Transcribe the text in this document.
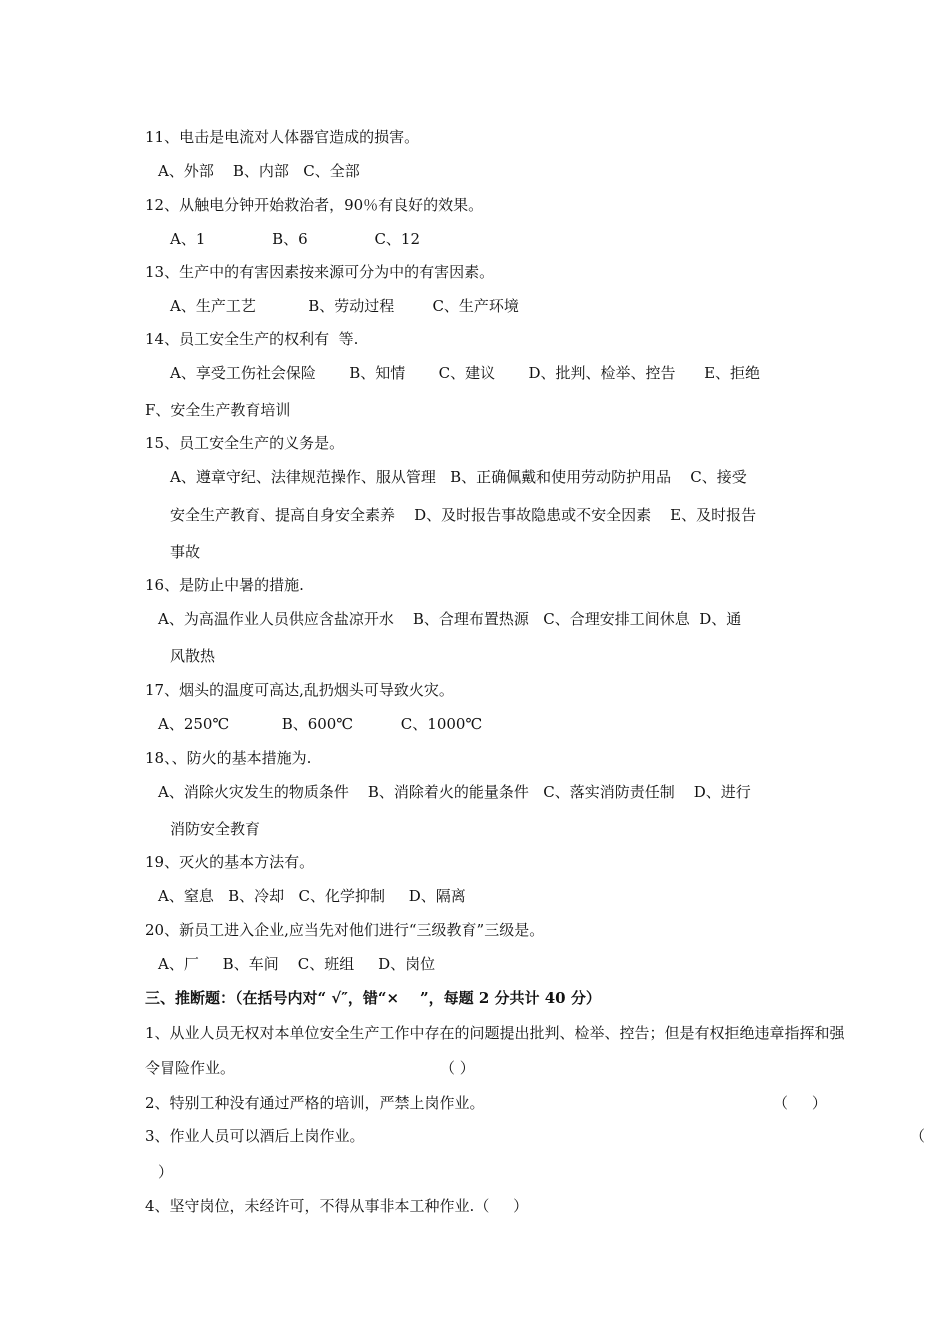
11、电击是电流对人体器官造成的损害。
A、外部    B、内部   C、全部
12、从触电分钟开始救治者，90％有良好的效果。
A、1              B、6              C、12
13、生产中的有害因素按来源可分为中的有害因素。
A、生产工艺           B、劳动过程        C、生产环境
14、员工安全生产的权利有  等.
A、享受工伤社会保险       B、知情       C、建议       D、批判、检举、控告      E、拒绝
F、安全生产教育培训
15、员工安全生产的义务是。
A、遵章守纪、法律规范操作、服从管理   B、正确佩戴和使用劳动防护用品    C、接受
安全生产教育、提高自身安全素养    D、及时报告事故隐患或不安全因素    E、及时报告
事故
16、是防止中暑的措施.
A、为高温作业人员供应含盐凉开水    B、合理布置热源   C、合理安排工间休息  D、通
风散热
17、烟头的温度可高达,乱扔烟头可导致火灾。
A、250℃           B、600℃          C、1000℃
18、、防火的基本措施为.
A、消除火灾发生的物质条件    B、消除着火的能量条件   C、落实消防责任制    D、进行
消防安全教育
19、灭火的基本方法有。
A、窒息   B、冷却   C、化学抑制     D、隔离
20、新员工进入企业,应当先对他们进行“三级教育”三级是。
A、厂     B、车间    C、班组     D、岗位
三、推断题：（在括号内对“ √″，错“×    ”，每题 2 分共计 40 分）
1、从业人员无权对本单位安全生产工作中存在的问题提出批判、检举、控告；但是有权拒绝违章指挥和强
令冒险作业。                                           （ ）
2、特别工种没有通过严格的培训，严禁上岗作业。	（     ）
3、作业人员可以酒后上岗作业。	（
）
4、坚守岗位，未经许可，不得从事非本工种作业.（     ）
